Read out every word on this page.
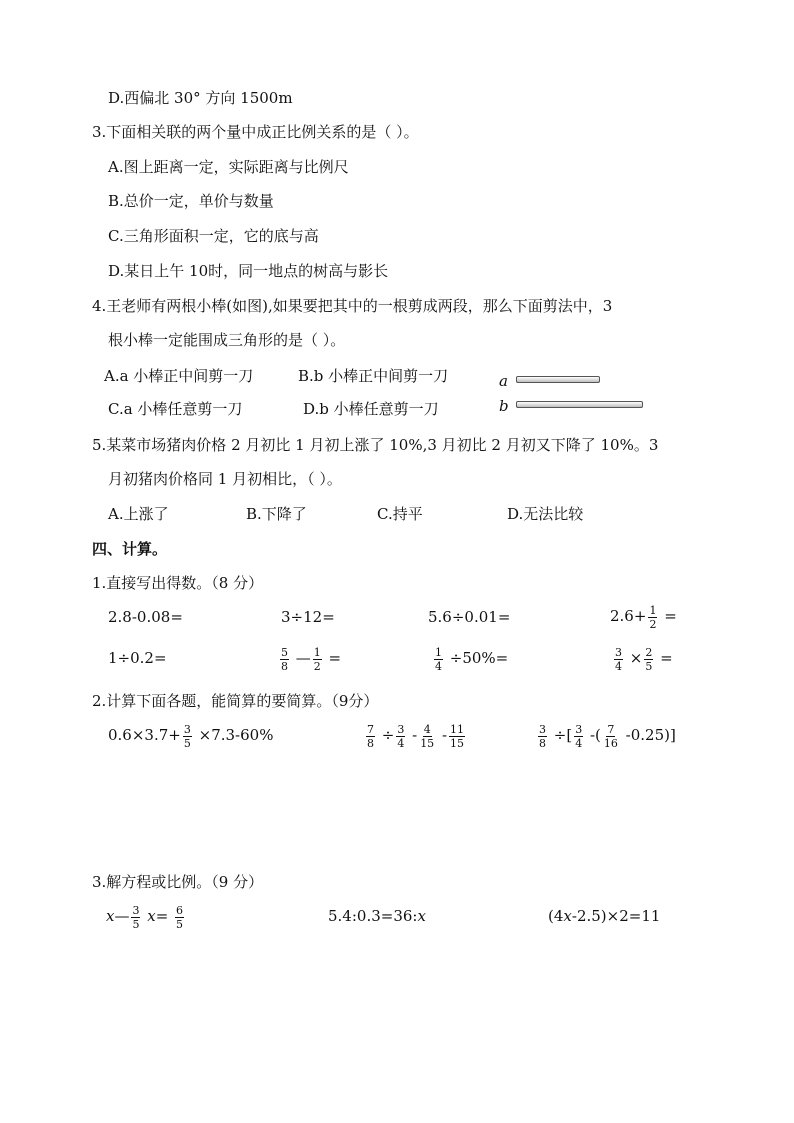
D.西偏北 30° 方向 1500m
3.下面相关联的两个量中成正比例关系的是（ ）。
A.图上距离一定，实际距离与比例尺
B.总价一定，单价与数量
C.三角形面积一定，它的底与高
D.某日上午 10时，同一地点的树高与影长
4.王老师有两根小棒(如图),如果要把其中的一根剪成两段，那么下面剪法中，3
根小棒一定能围成三角形的是（ ）。
A.a 小棒正中间剪一刀	B.b 小棒正中间剪一刀
C.a 小棒任意剪一刀
a
D.b 小棒任意剪一刀	b
5.某菜市场猪肉价格 2 月初比 1 月初上涨了 10%,3 月初比 2 月初又下降了 10%。3
月初猪肉价格同 1 月初相比，（ ）。
A.上涨了	B.下降了	C.持平	D.无法比较
四、计算。
1.直接写出得数。（8 分）
2.8-0.08=	3÷12=	5.6÷0.01=	$2.6+ \frac{1}{2}$ =
1÷0.2=	$\frac{5}{8}$ — $\frac{1}{2}$ =	$\frac{1}{4} \div 50\%=$	$\frac{3}{4} \times \frac{2}{5}$ =
2.计算下面各题，能简算的要简算。（9分）
$0.6\times 3.7+ \frac{3}{5} \times 7.3-60\%$	$\frac{7}{8} \div \frac{3}{4} - \frac{4}{15} - \frac{11}{15}$	$\frac{3}{8}$ ÷[ $\frac{3}{4}$ -( $\frac{7}{16} -0.25$)]
3.解方程或比例。（9 分）
x— $\frac{3}{5} x= \frac{6}{5}$	5.4:0.3=36:x	(4x-2.5)×2=11
